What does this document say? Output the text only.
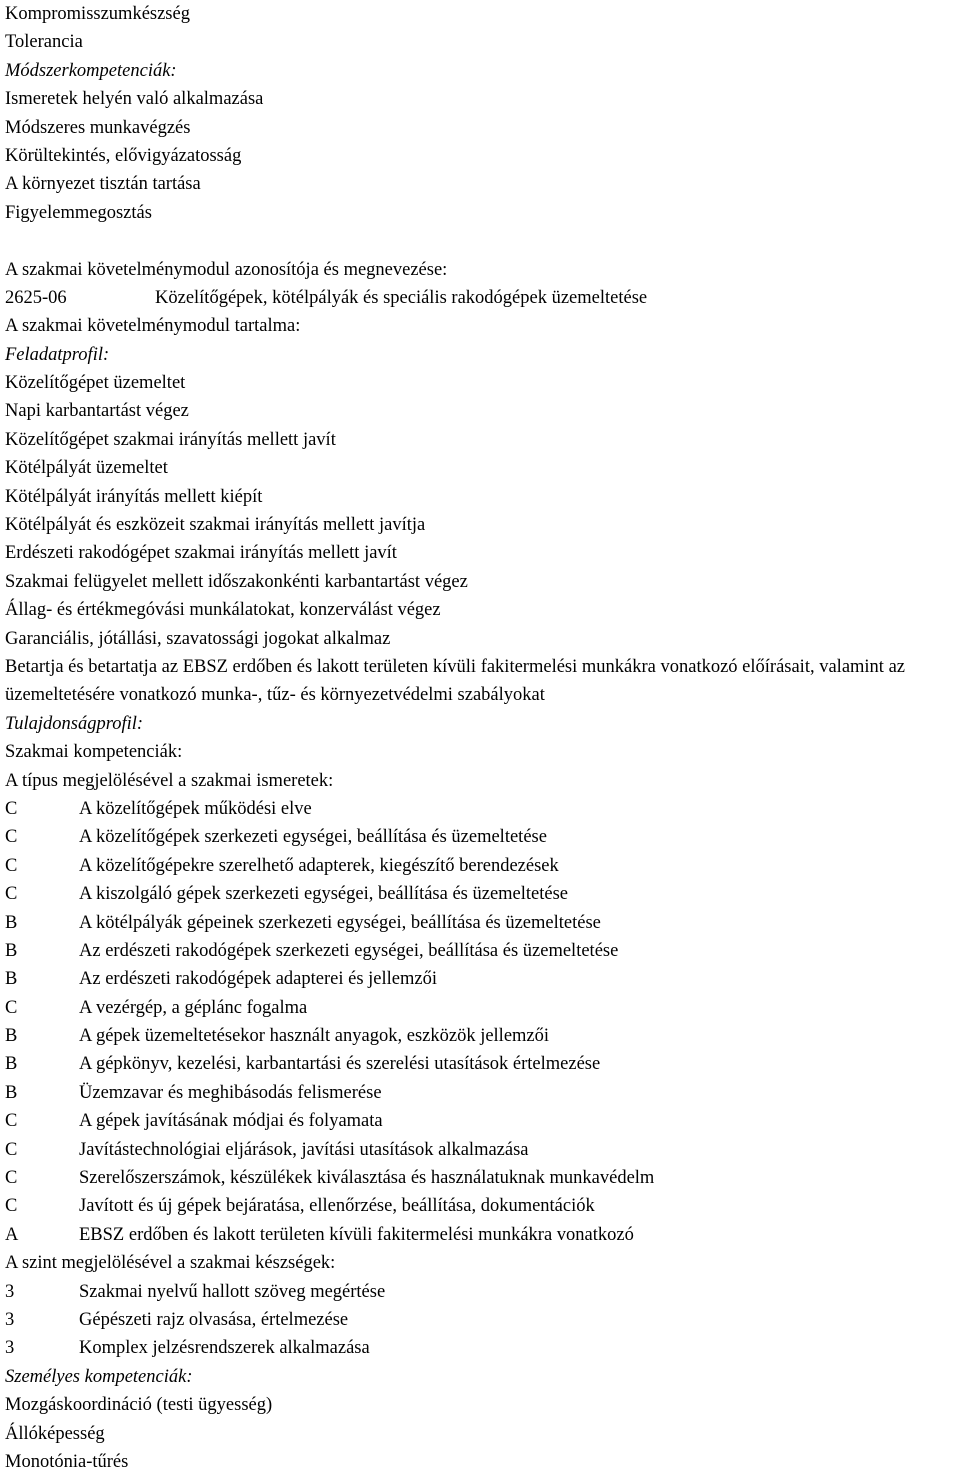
Kompromisszumkészség
Tolerancia
Módszerkompetenciák:
Ismeretek helyén való alkalmazása
Módszeres munkavégzés
Körültekintés, elővigyázatosság
A környezet tisztán tartása
Figyelemmegosztás
A szakmai követelménymodul azonosítója és megnevezése:
2625-06	Közelítőgépek, kötélpályák és speciális rakodógépek üzemeltetése
A szakmai követelménymodul tartalma:
Feladatprofil:
Közelítőgépet üzemeltet
Napi karbantartást végez
Közelítőgépet szakmai irányítás mellett javít
Kötélpályát üzemeltet
Kötélpályát irányítás mellett kiépít
Kötélpályát és eszközeit szakmai irányítás mellett javítja
Erdészeti rakodógépet szakmai irányítás mellett javít
Szakmai felügyelet mellett időszakonkénti karbantartást végez
Állag- és értékmegóvási munkálatokat, konzerválást végez
Garanciális, jótállási, szavatossági jogokat alkalmaz
Betartja és betartatja az EBSZ erdőben és lakott területen kívüli fakitermelési munkákra vonatkozó előírásait, valamint az üzemeltetésére vonatkozó munka-, tűz- és környezetvédelmi szabályokat
Tulajdonságprofil:
Szakmai kompetenciák:
A típus megjelölésével a szakmai ismeretek:
C	A közelítőgépek működési elve
C	A közelítőgépek szerkezeti egységei, beállítása és üzemeltetése
C	A közelítőgépekre szerelhető adapterek, kiegészítő berendezések
C	A kiszolgáló gépek szerkezeti egységei, beállítása és üzemeltetése
B	A kötélpályák gépeinek szerkezeti egységei, beállítása és üzemeltetése
B	Az erdészeti rakodógépek szerkezeti egységei, beállítása és üzemeltetése
B	Az erdészeti rakodógépek adapterei és jellemzői
C	A vezérgép, a géplánc fogalma
B	A gépek üzemeltetésekor használt anyagok, eszközök jellemzői
B	A gépkönyv, kezelési, karbantartási és szerelési utasítások értelmezése
B	Üzemzavar és meghibásodás felismerése
C	A gépek javításának módjai és folyamata
C	Javítástechnológiai eljárások, javítási utasítások alkalmazása
C	Szerelőszerszámok, készülékek kiválasztása és használatuknak munkavédelm
C	Javított és új gépek bejáratása, ellenőrzése, beállítása, dokumentációk
A	EBSZ erdőben és lakott területen kívüli fakitermelési munkákra vonatkozó
A szint megjelölésével a szakmai készségek:
3	Szakmai nyelvű hallott szöveg megértése
3	Gépészeti rajz olvasása, értelmezése
3	Komplex jelzésrendszerek alkalmazása
Személyes kompetenciák:
Mozgáskoordináció (testi ügyesség)
Állóképesség
Monotónia-tűrés
